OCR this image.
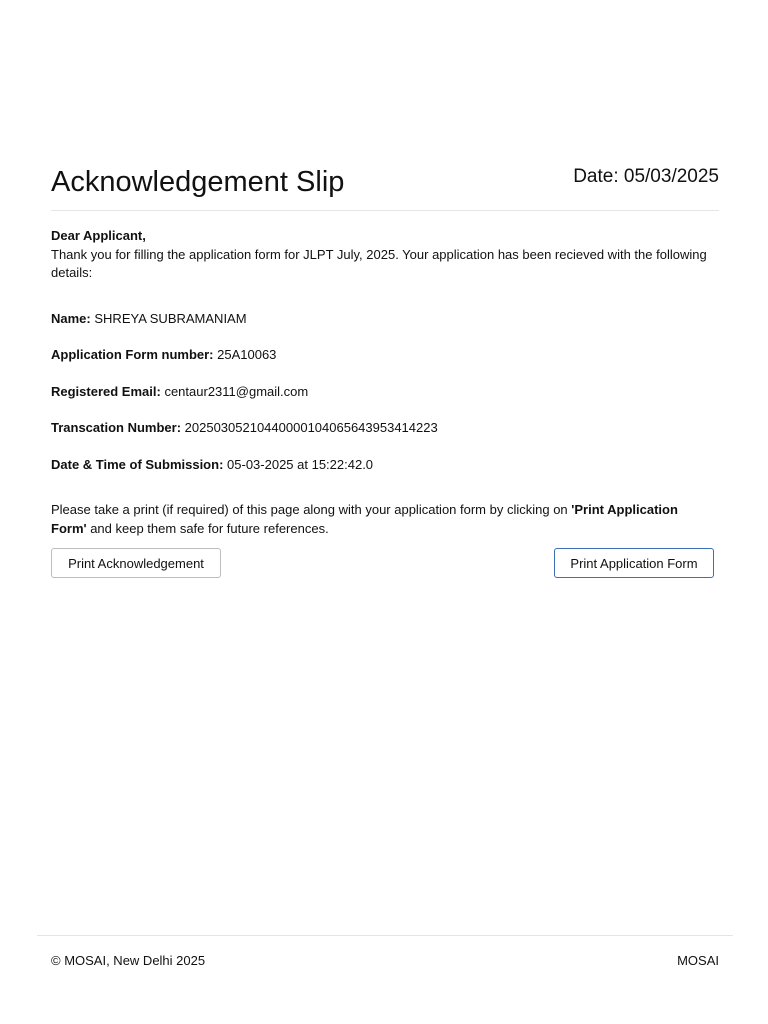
Acknowledgement Slip	Date: 05/03/2025
Dear Applicant,

Thank you for filling the application form for JLPT July, 2025. Your application has been recieved with the following details:

Name: SHREYA SUBRAMANIAM
Application Form number: 25A10063
Registered Email: centaur2311@gmail.com
Transcation Number: 20250305210440000104065643953414223
Date & Time of Submission: 05-03-2025 at 15:22:42.0
Please take a print (if required) of this page along with your application form by clicking on 'Print Application Form' and keep them safe for future references.
Print Acknowledgement	Print Application Form
© MOSAI, New Delhi 2025	MOSAI
